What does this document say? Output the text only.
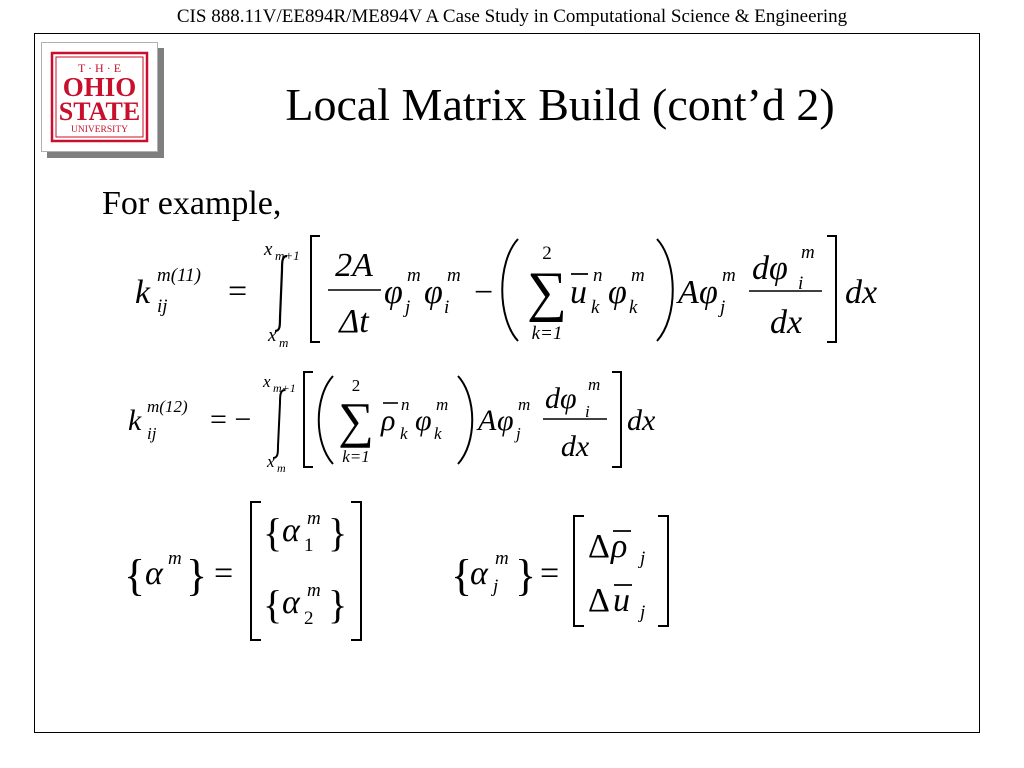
CIS 888.11V/EE894R/ME894V A Case Study in Computational Science & Engineering
T · H · E
OHIO
STATE
UNIVERSITY	Local Matrix Build (cont’d 2)
For example,
k ij
m(11) =
x m+1
x m
2A
Δt
φ m
j φ m
i −
2
∑
k=1
u n
k φ m
k A φ m
j
dφ m
i
dx
dx
k ij
m(12) = −
x m+1
x m
2
∑
k=1
ρ n
k φ m
k A φ m
j
dφ m
i
dx
dx
{ α m } =
{ α m
1 }
{ α m
2 }
{
α m
j } =
Δ ρ j
Δ u j
